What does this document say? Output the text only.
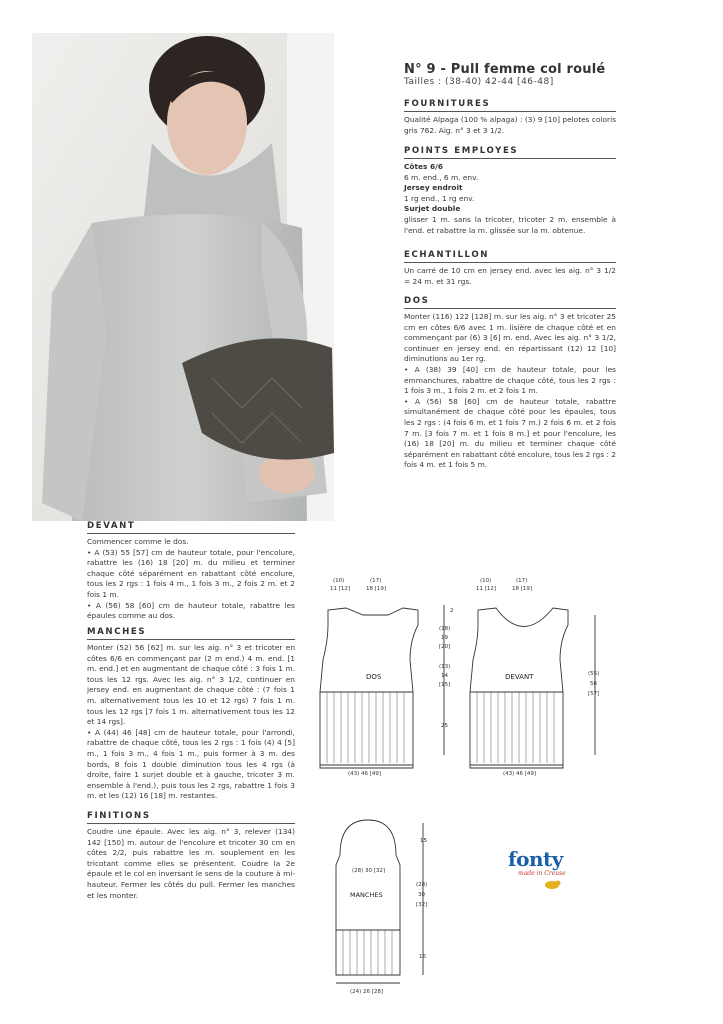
N° 9 - Pull femme col roulé
Tailles : (38-40) 42-44 [46-48]
FOURNITURES
Qualité Alpaga (100 % alpaga) : (3) 9 [10] pelotes coloris gris 762. Aig. n° 3 et 3 1/2.
POINTS EMPLOYES
Côtes 6/6
6 m. end., 6 m. env.
Jersey endroit
1 rg end., 1 rg env.
Surjet double
glisser 1 m. sans la tricoter, tricoter 2 m. ensemble à l'end. et rabattre la m. glissée sur la m. obtenue.
ECHANTILLON
Un carré de 10 cm en jersey end. avec les aig. n° 3 1/2 = 24 m. et 31 rgs.
DOS
Monter (116) 122 [128] m. sur les aig. n° 3 et tricoter 25 cm en côtes 6/6 avec 1 m. lisière de chaque côté et en commençant par (6) 3 [6] m. end. Avec les aig. n° 3 1/2, continuer en jersey end. en répartissant (12) 12 [10] diminutions au 1er rg.
• A (38) 39 [40] cm de hauteur totale, pour les emmanchures, rabattre de chaque côté, tous les 2 rgs : 1 fois 3 m., 1 fois 2 m. et 2 fois 1 m.
• A (56) 58 [60] cm de hauteur totale, rabattre simultanément de chaque côté pour les épaules, tous les 2 rgs : (4 fois 6 m. et 1 fois 7 m.) 2 fois 6 m. et 2 fois 7 m. [3 fois 7 m. et 1 fois 8 m.] et pour l'encolure, les (16) 18 [20] m. du milieu et terminer chaque côté séparément en rabattant côté encolure, tous les 2 rgs : 2 fois 4 m. et 1 fois 5 m.
DEVANT
Commencer comme le dos.
• A (53) 55 [57] cm de hauteur totale, pour l'encolure, rabattre les (16) 18 [20] m. du milieu et terminer chaque côté séparément en rabattant côté encolure, tous les 2 rgs : 1 fois 4 m., 1 fois 3 m., 2 fois 2 m. et 2 fois 1 m.
• A (56) 58 [60] cm de hauteur totale, rabattre les épaules comme au dos.
MANCHES
Monter (52) 56 [62] m. sur les aig. n° 3 et tricoter en côtes 6/6 en commençant par (2 m end.) 4 m. end. [1 m. end.] et en augmentant de chaque côté : 3 fois 1 m. tous les 12 rgs. Avec les aig. n° 3 1/2, continuer en jersey end. en augmentant de chaque côté : (7 fois 1 m. alternativement tous les 10 et 12 rgs) 7 fois 1 m. tous les 12 rgs [7 fois 1 m. alternativement tous les 12 et 14 rgs].
• A (44) 46 [48] cm de hauteur totale, pour l'arrondi, rabattre de chaque côté, tous les 2 rgs : 1 fois (4) 4 [5] m., 1 fois 3 m., 4 fois 1 m., puis former à 3 m. des bords, 8 fois 1 double diminution tous les 4 rgs (à droite, faire 1 surjet double et à gauche, tricoter 3 m. ensemble à l'end.), puis tous les 2 rgs, rabattre 1 fois 3 m. et les (12) 16 [18] m. restantes.
FINITIONS
Coudre une épaule. Avec les aig. n° 3, relever (134) 142 [150] m. autour de l'encolure et tricoter 30 cm en côtes 2/2, puis rabattre les m. souplement en les tricotant comme elles se présentent. Coudre la 2e épaule et le col en inversant le sens de la couture à mi-hauteur. Fermer les côtés du pull. Fermer les manches et les monter.
DOS	DEVANT
MANCHES
(10)
11 [12]
(17)
18 [19]
(10)
11 [12]
(17)
18 [19]
2
(18)
19
[20]
(13)
14
[15]
25
(55)
56
[57]
(43) 46 [49]	(43) 46 [49]
(28) 30 [32]
15
(28)
30
[32]
16
(24) 26 [28]
fonty
made in Creuse
